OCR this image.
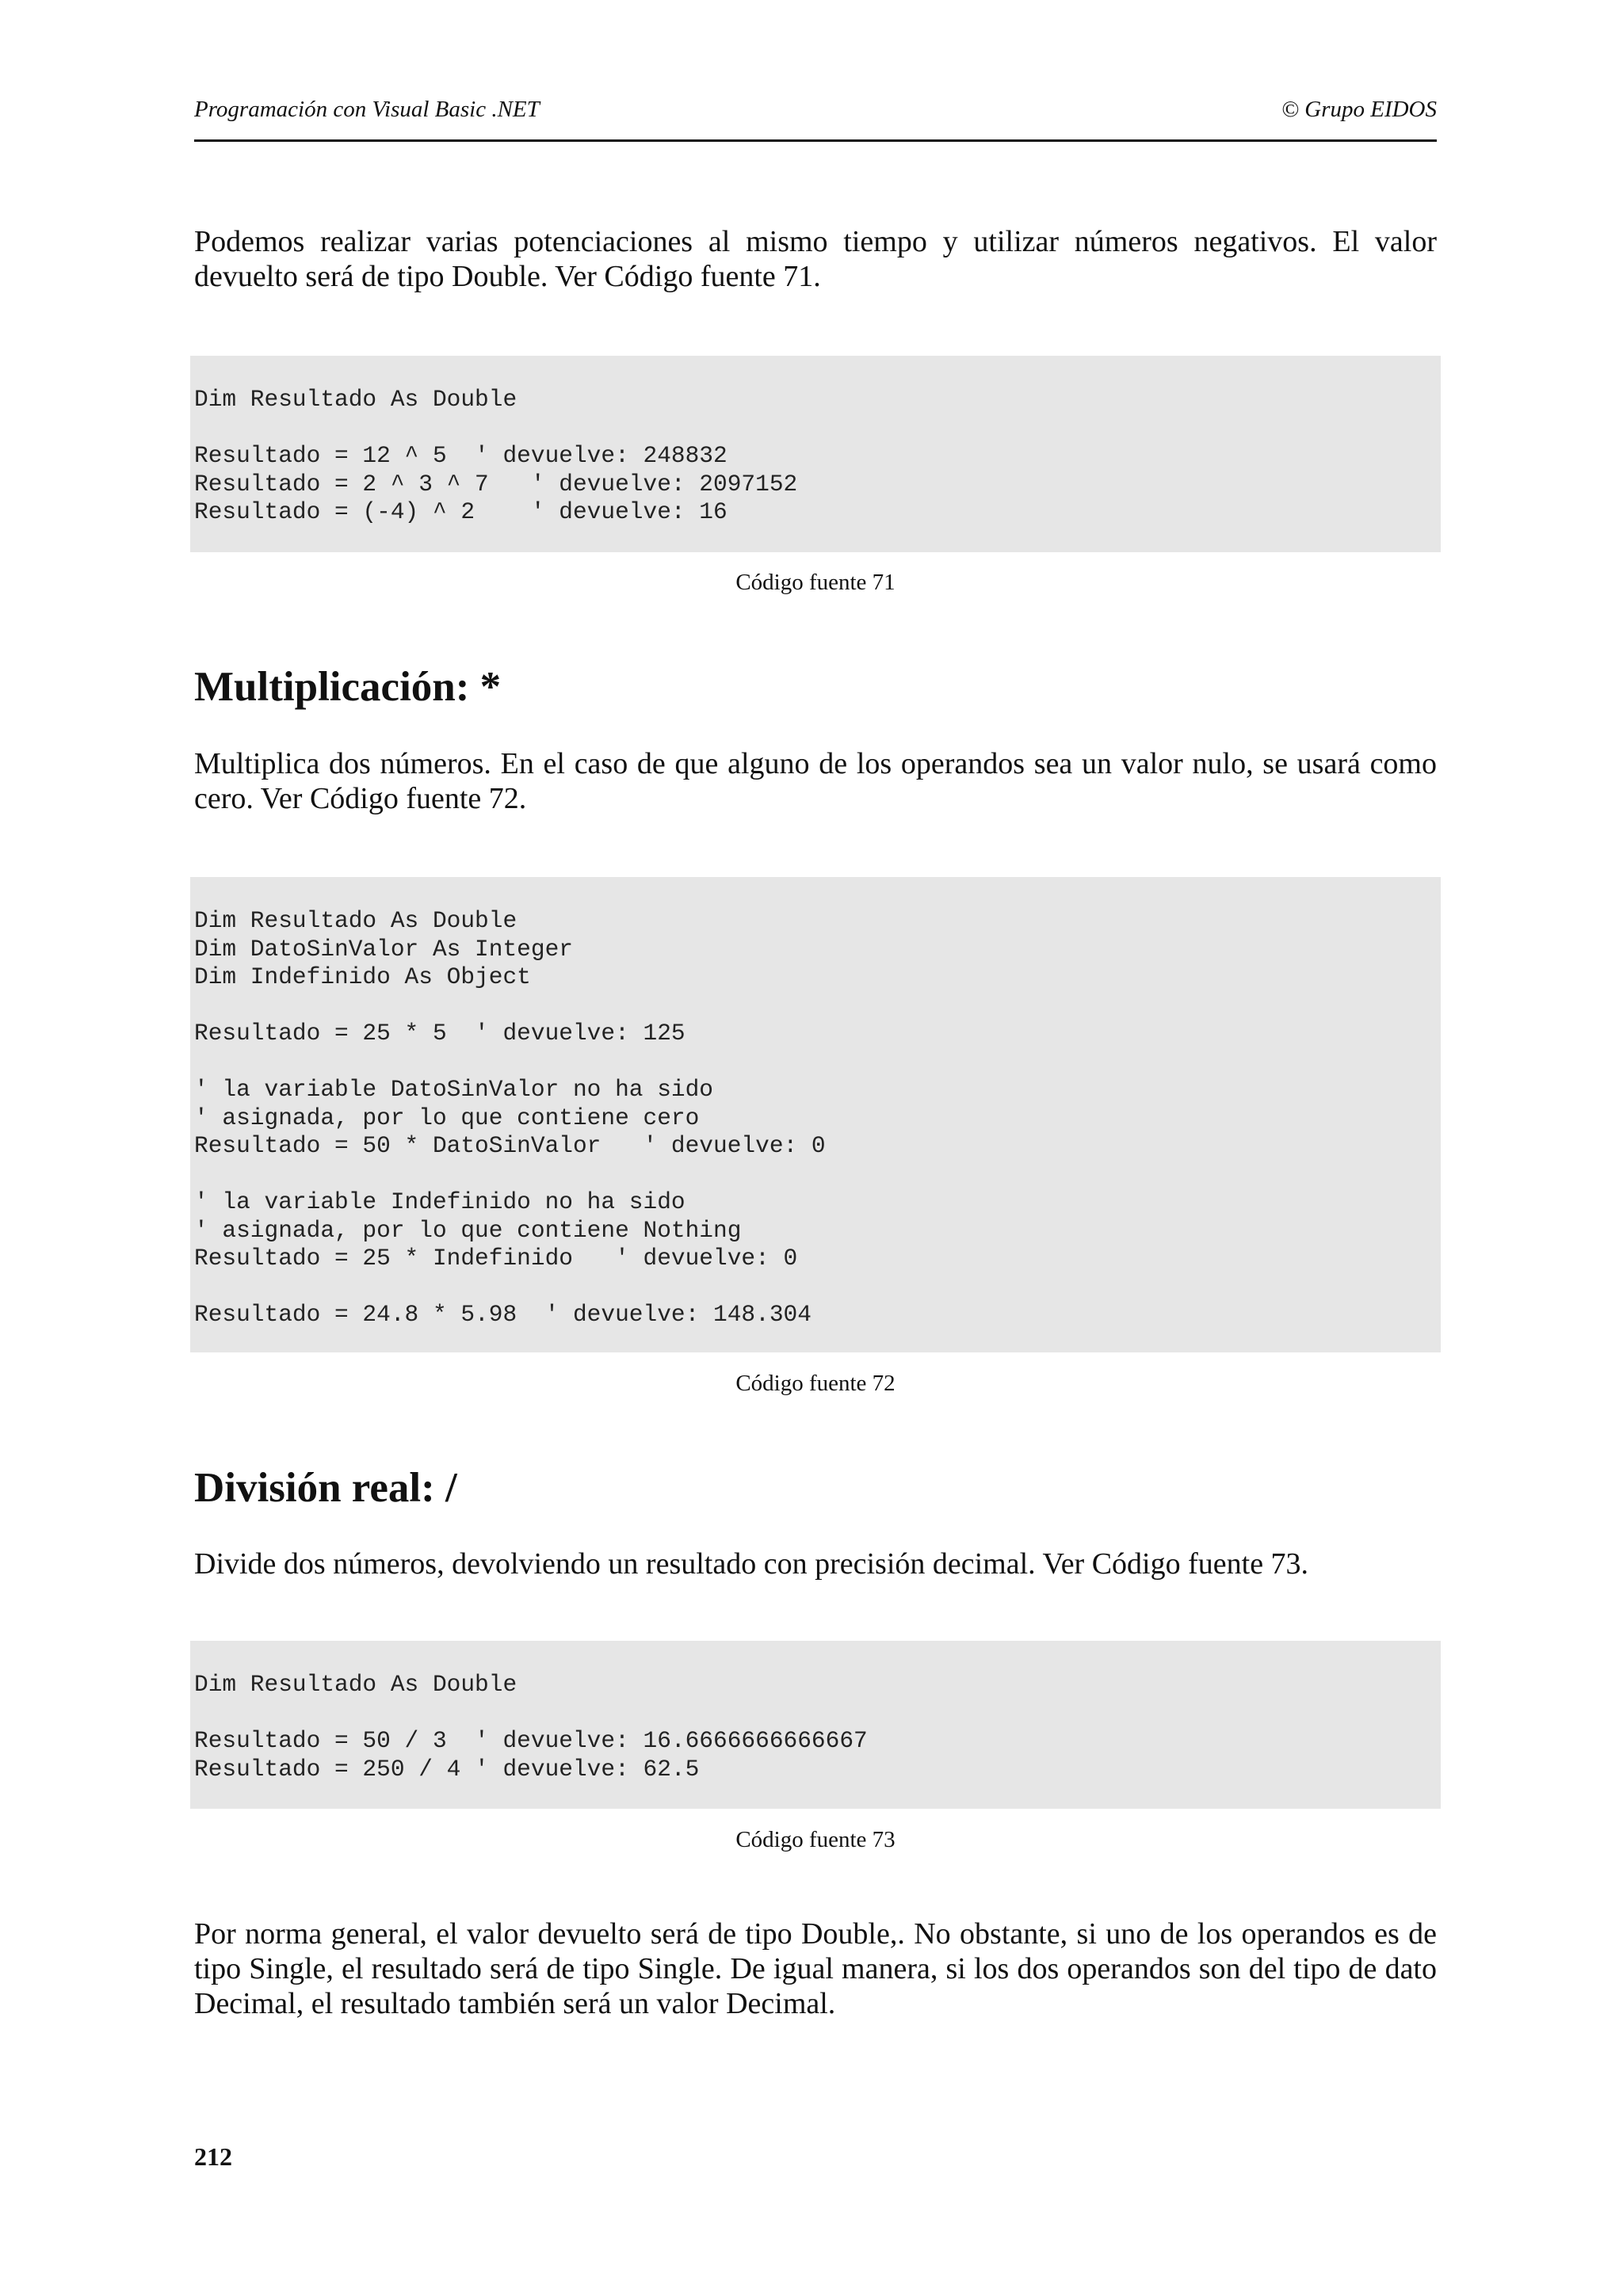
Programación con Visual Basic .NET	© Grupo EIDOS

Podemos realizar varias potenciaciones al mismo tiempo y utilizar números negativos. El valor devuelto será de tipo Double. Ver Código fuente 71.

Dim Resultado As Double
Resultado = 12 ^ 5  ' devuelve: 248832
Resultado = 2 ^ 3 ^ 7   ' devuelve: 2097152
Resultado = (-4) ^ 2    ' devuelve: 16
Código fuente 71
Multiplicación: *

Multiplica dos números. En el caso de que alguno de los operandos sea un valor nulo, se usará como cero. Ver Código fuente 72.

Dim Resultado As Double
Dim DatoSinValor As Integer
Dim Indefinido As Object
Resultado = 25 * 5  ' devuelve: 125
' la variable DatoSinValor no ha sido
' asignada, por lo que contiene cero
Resultado = 50 * DatoSinValor   ' devuelve: 0
' la variable Indefinido no ha sido
' asignada, por lo que contiene Nothing
Resultado = 25 * Indefinido   ' devuelve: 0
Resultado = 24.8 * 5.98  ' devuelve: 148.304
Código fuente 72
División real: /

Divide dos números, devolviendo un resultado con precisión decimal. Ver Código fuente 73.

Dim Resultado As Double
Resultado = 50 / 3  ' devuelve: 16.6666666666667
Resultado = 250 / 4 ' devuelve: 62.5
Código fuente 73

Por norma general, el valor devuelto será de tipo Double,. No obstante, si uno de los operandos es de tipo Single, el resultado será de tipo Single. De igual manera, si los dos operandos son del tipo de dato Decimal, el resultado también será un valor Decimal.

212
